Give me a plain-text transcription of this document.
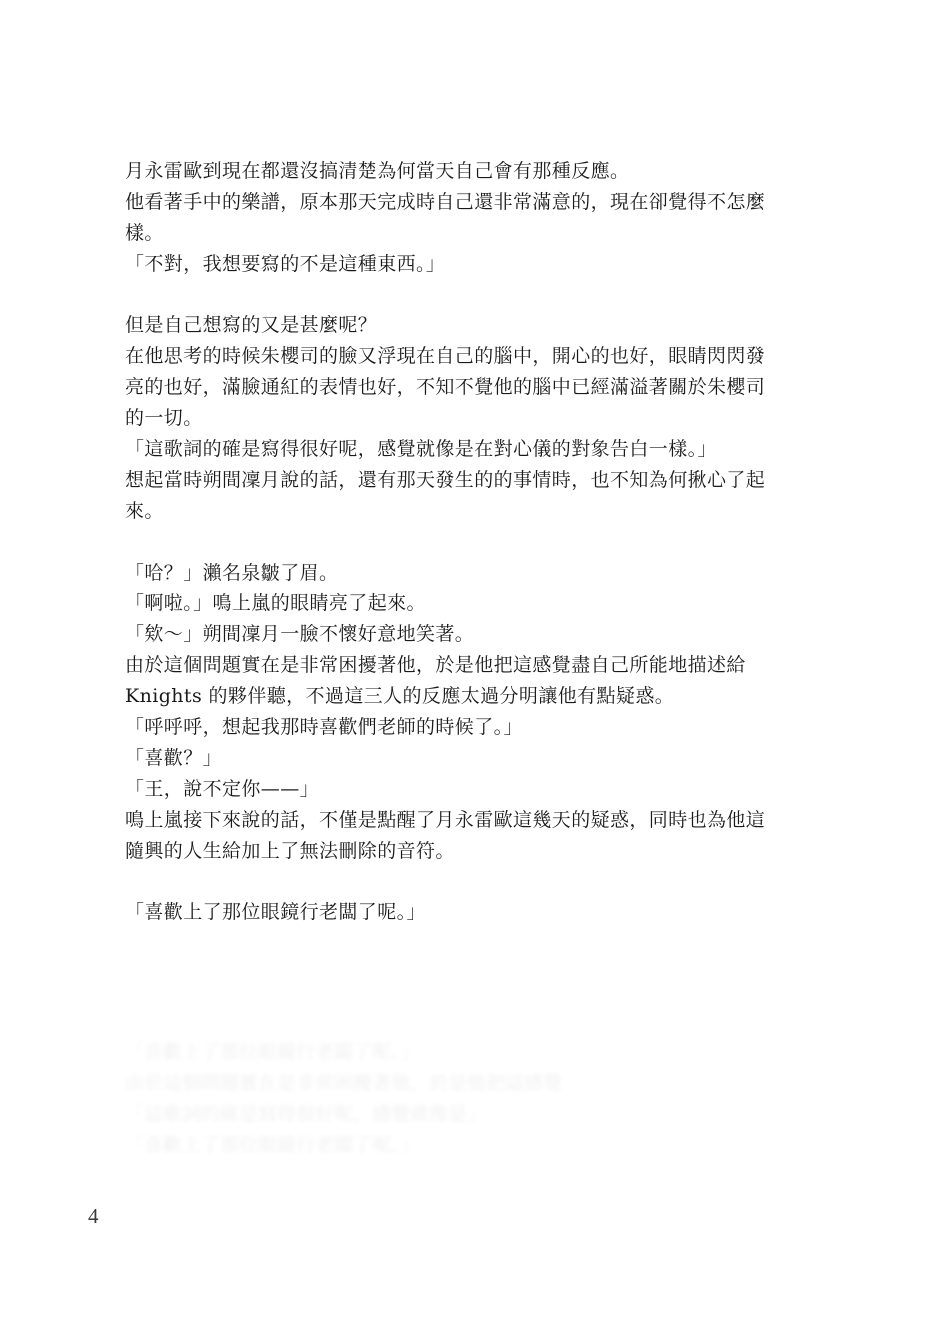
月永雷歐到現在都還沒搞清楚為何當天自己會有那種反應。
他看著手中的樂譜，原本那天完成時自己還非常滿意的，現在卻覺得不怎麼
樣。
「不對，我想要寫的不是這種東西。」
但是自己想寫的又是甚麼呢？
在他思考的時候朱櫻司的臉又浮現在自己的腦中，開心的也好，眼睛閃閃發
亮的也好，滿臉通紅的表情也好，不知不覺他的腦中已經滿溢著關於朱櫻司
的一切。
「這歌詞的確是寫得很好呢，感覺就像是在對心儀的對象告白一樣。」
想起當時朔間凜月說的話，還有那天發生的的事情時，也不知為何揪心了起
來。
「哈？」瀨名泉皺了眉。
「啊啦。」鳴上嵐的眼睛亮了起來。
「欸～」朔間凜月一臉不懷好意地笑著。
由於這個問題實在是非常困擾著他，於是他把這感覺盡自己所能地描述給
Knights 的夥伴聽，不過這三人的反應太過分明讓他有點疑惑。
「呼呼呼，想起我那時喜歡們老師的時候了。」
「喜歡？」
「王，說不定你——」
鳴上嵐接下來說的話，不僅是點醒了月永雷歐這幾天的疑惑，同時也為他這
隨興的人生給加上了無法刪除的音符。
「喜歡上了那位眼鏡行老闆了呢。」
「喜歡上了那位眼鏡行老闆了呢。」
由於這個問題實在是非常困擾著他，於是他把這感覺
「這歌詞的確是寫得很好呢，感覺就像是」
「喜歡上了那位眼鏡行老闆了呢。」
4
